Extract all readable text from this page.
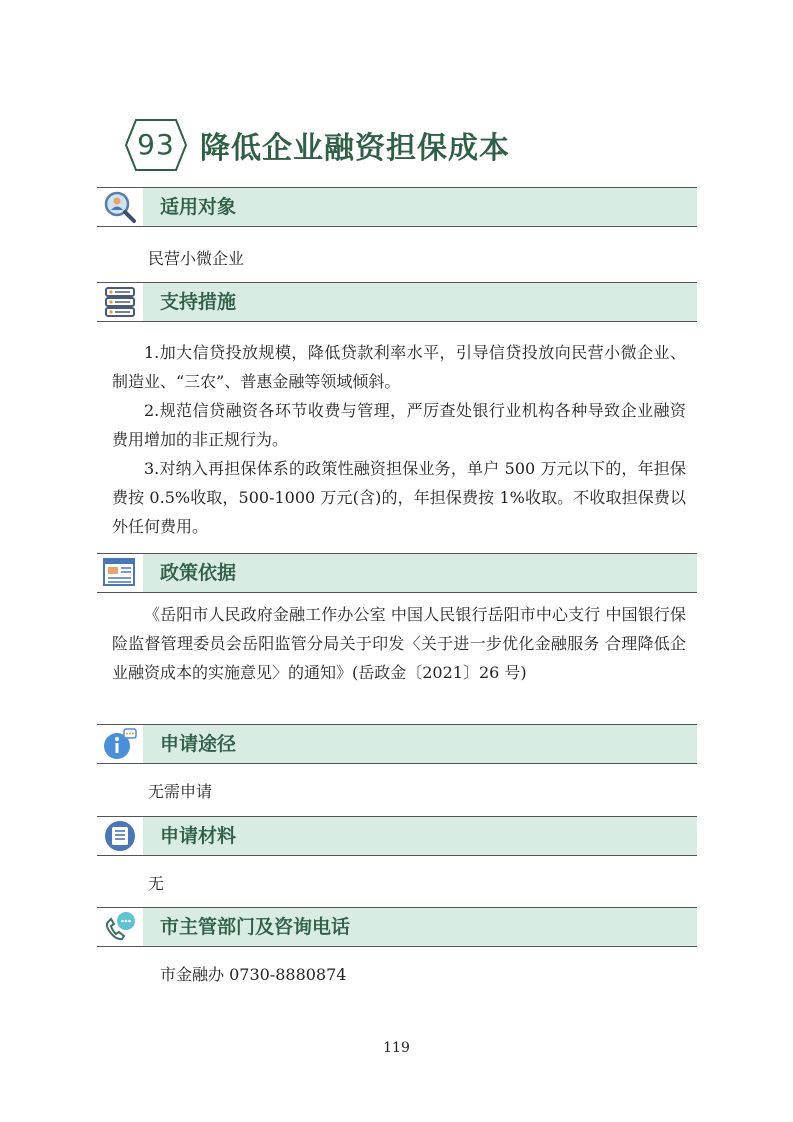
93 降低企业融资担保成本
适用对象
民营小微企业
支持措施

1.加大信贷投放规模，降低贷款利率水平，引导信贷投放向民营小微企业、制造业、“三农”、普惠金融等领域倾斜。

2.规范信贷融资各环节收费与管理，严厉查处银行业机构各种导致企业融资费用增加的非正规行为。

3.对纳入再担保体系的政策性融资担保业务，单户 500 万元以下的，年担保费按 0.5%收取，500-1000 万元(含)的，年担保费按 1%收取。不收取担保费以外任何费用。

政策依据

《岳阳市人民政府金融工作办公室 中国人民银行岳阳市中心支行 中国银行保险监督管理委员会岳阳监管分局关于印发〈关于进一步优化金融服务 合理降低企业融资成本的实施意见〉的通知》(岳政金〔2021〕26 号)

申请途径
无需申请
申请材料
无
市主管部门及咨询电话
市金融办 0730-8880874
119
